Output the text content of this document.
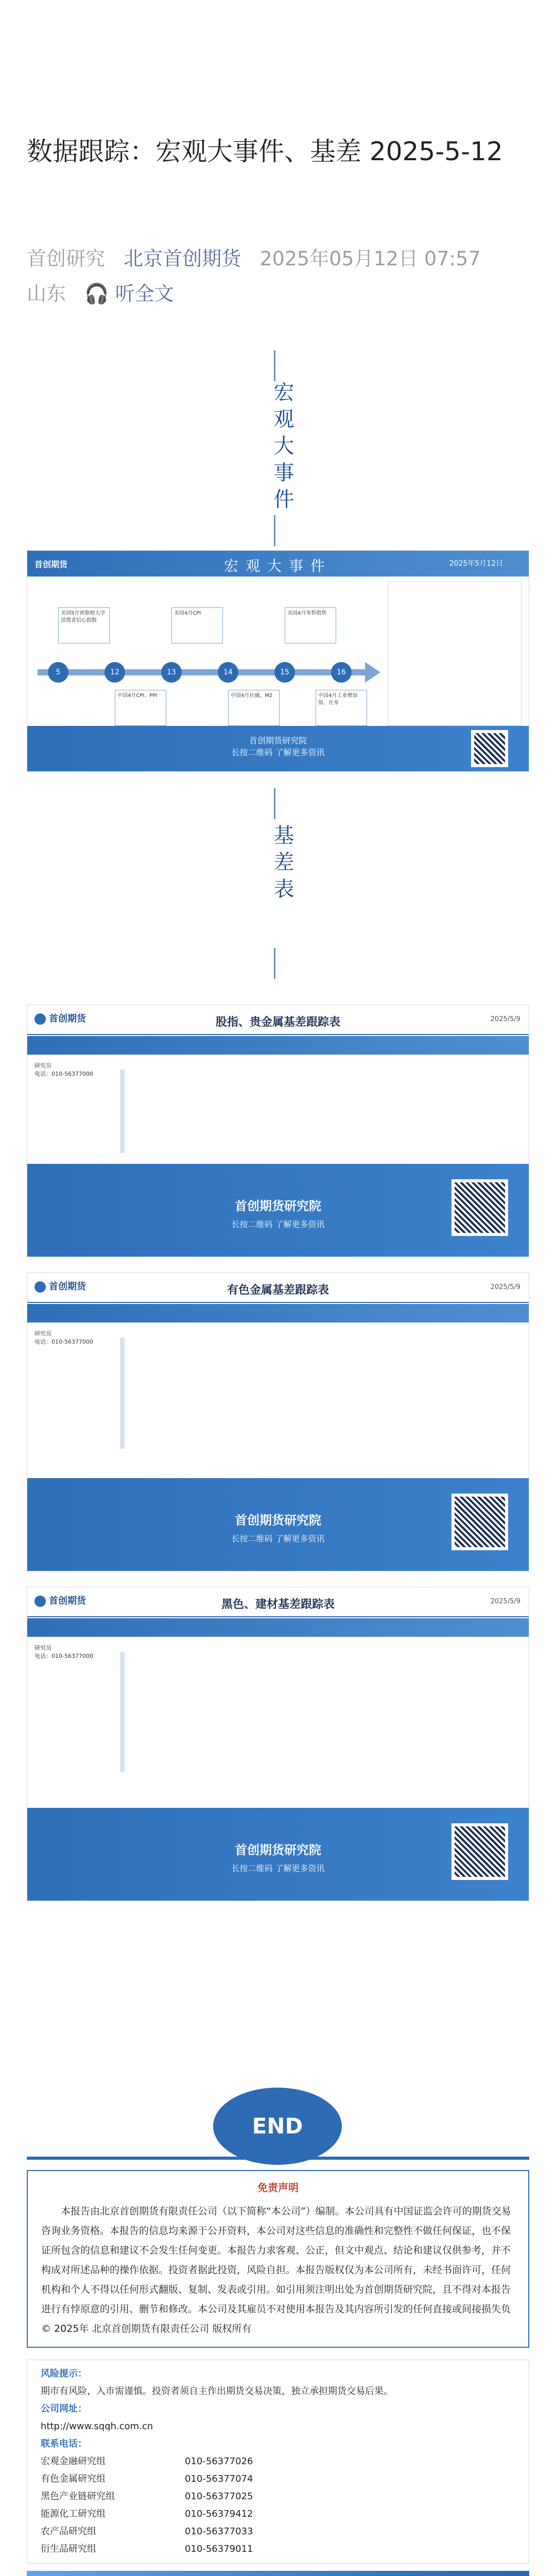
数据跟踪：宏观大事件、基差 2025-5-12
首创研究 北京首创期货 2025年05月12日 07:57
山东 🎧 听全文
宏观大事件
首创期货	宏观大事件	2025年5月12日
5	12	13	14	15	16
美国5月密歇根大学消费者信心指数
美国4月CPI	美国4月零售销售
中国4月CPI、PPI	中国4月社融、M2	中国4月工业增加值、社零
首创期货研究院
长按二维码 了解更多资讯
基差表
首创期货	股指、贵金属基差跟踪表	2025/5/9
研究员
电话：010-56377000

首创期货研究院
长按二维码 了解更多资讯
首创期货	有色金属基差跟踪表	2025/5/9
研究员
电话：010-56377000

首创期货研究院
长按二维码 了解更多资讯
首创期货	黑色、建材基差跟踪表	2025/5/9
研究员
电话：010-56377000

首创期货研究院
长按二维码 了解更多资讯
END
免责声明
本报告由北京首创期货有限责任公司（以下简称“本公司”）编制。本公司具有中国证监会许可的期货交易咨询业务资格。本报告的信息均来源于公开资料，本公司对这些信息的准确性和完整性不做任何保证，也不保证所包含的信息和建议不会发生任何变更。本报告力求客观、公正，但文中观点、结论和建议仅供参考，并不构成对所述品种的操作依据。投资者据此投资，风险自担。本报告版权仅为本公司所有，未经书面许可，任何机构和个人不得以任何形式翻版、复制、发表或引用。如引用须注明出处为首创期货研究院，且不得对本报告进行有悖原意的引用、删节和修改。本公司及其雇员不对使用本报告及其内容所引发的任何直接或间接损失负
© 2025年 北京首创期货有限责任公司 版权所有
风险提示：
期市有风险，入市需谨慎。投资者须自主作出期货交易决策，独立承担期货交易后果。
公司网址：
http://www.sqqh.com.cn
联系电话：
宏观金融研究组	010-56377026
有色金属研究组	010-56377074
黑色产业链研究组	010-56377025
能源化工研究组	010-56379412
农产品研究组	010-56377033
衍生品研究组	010-56379011
